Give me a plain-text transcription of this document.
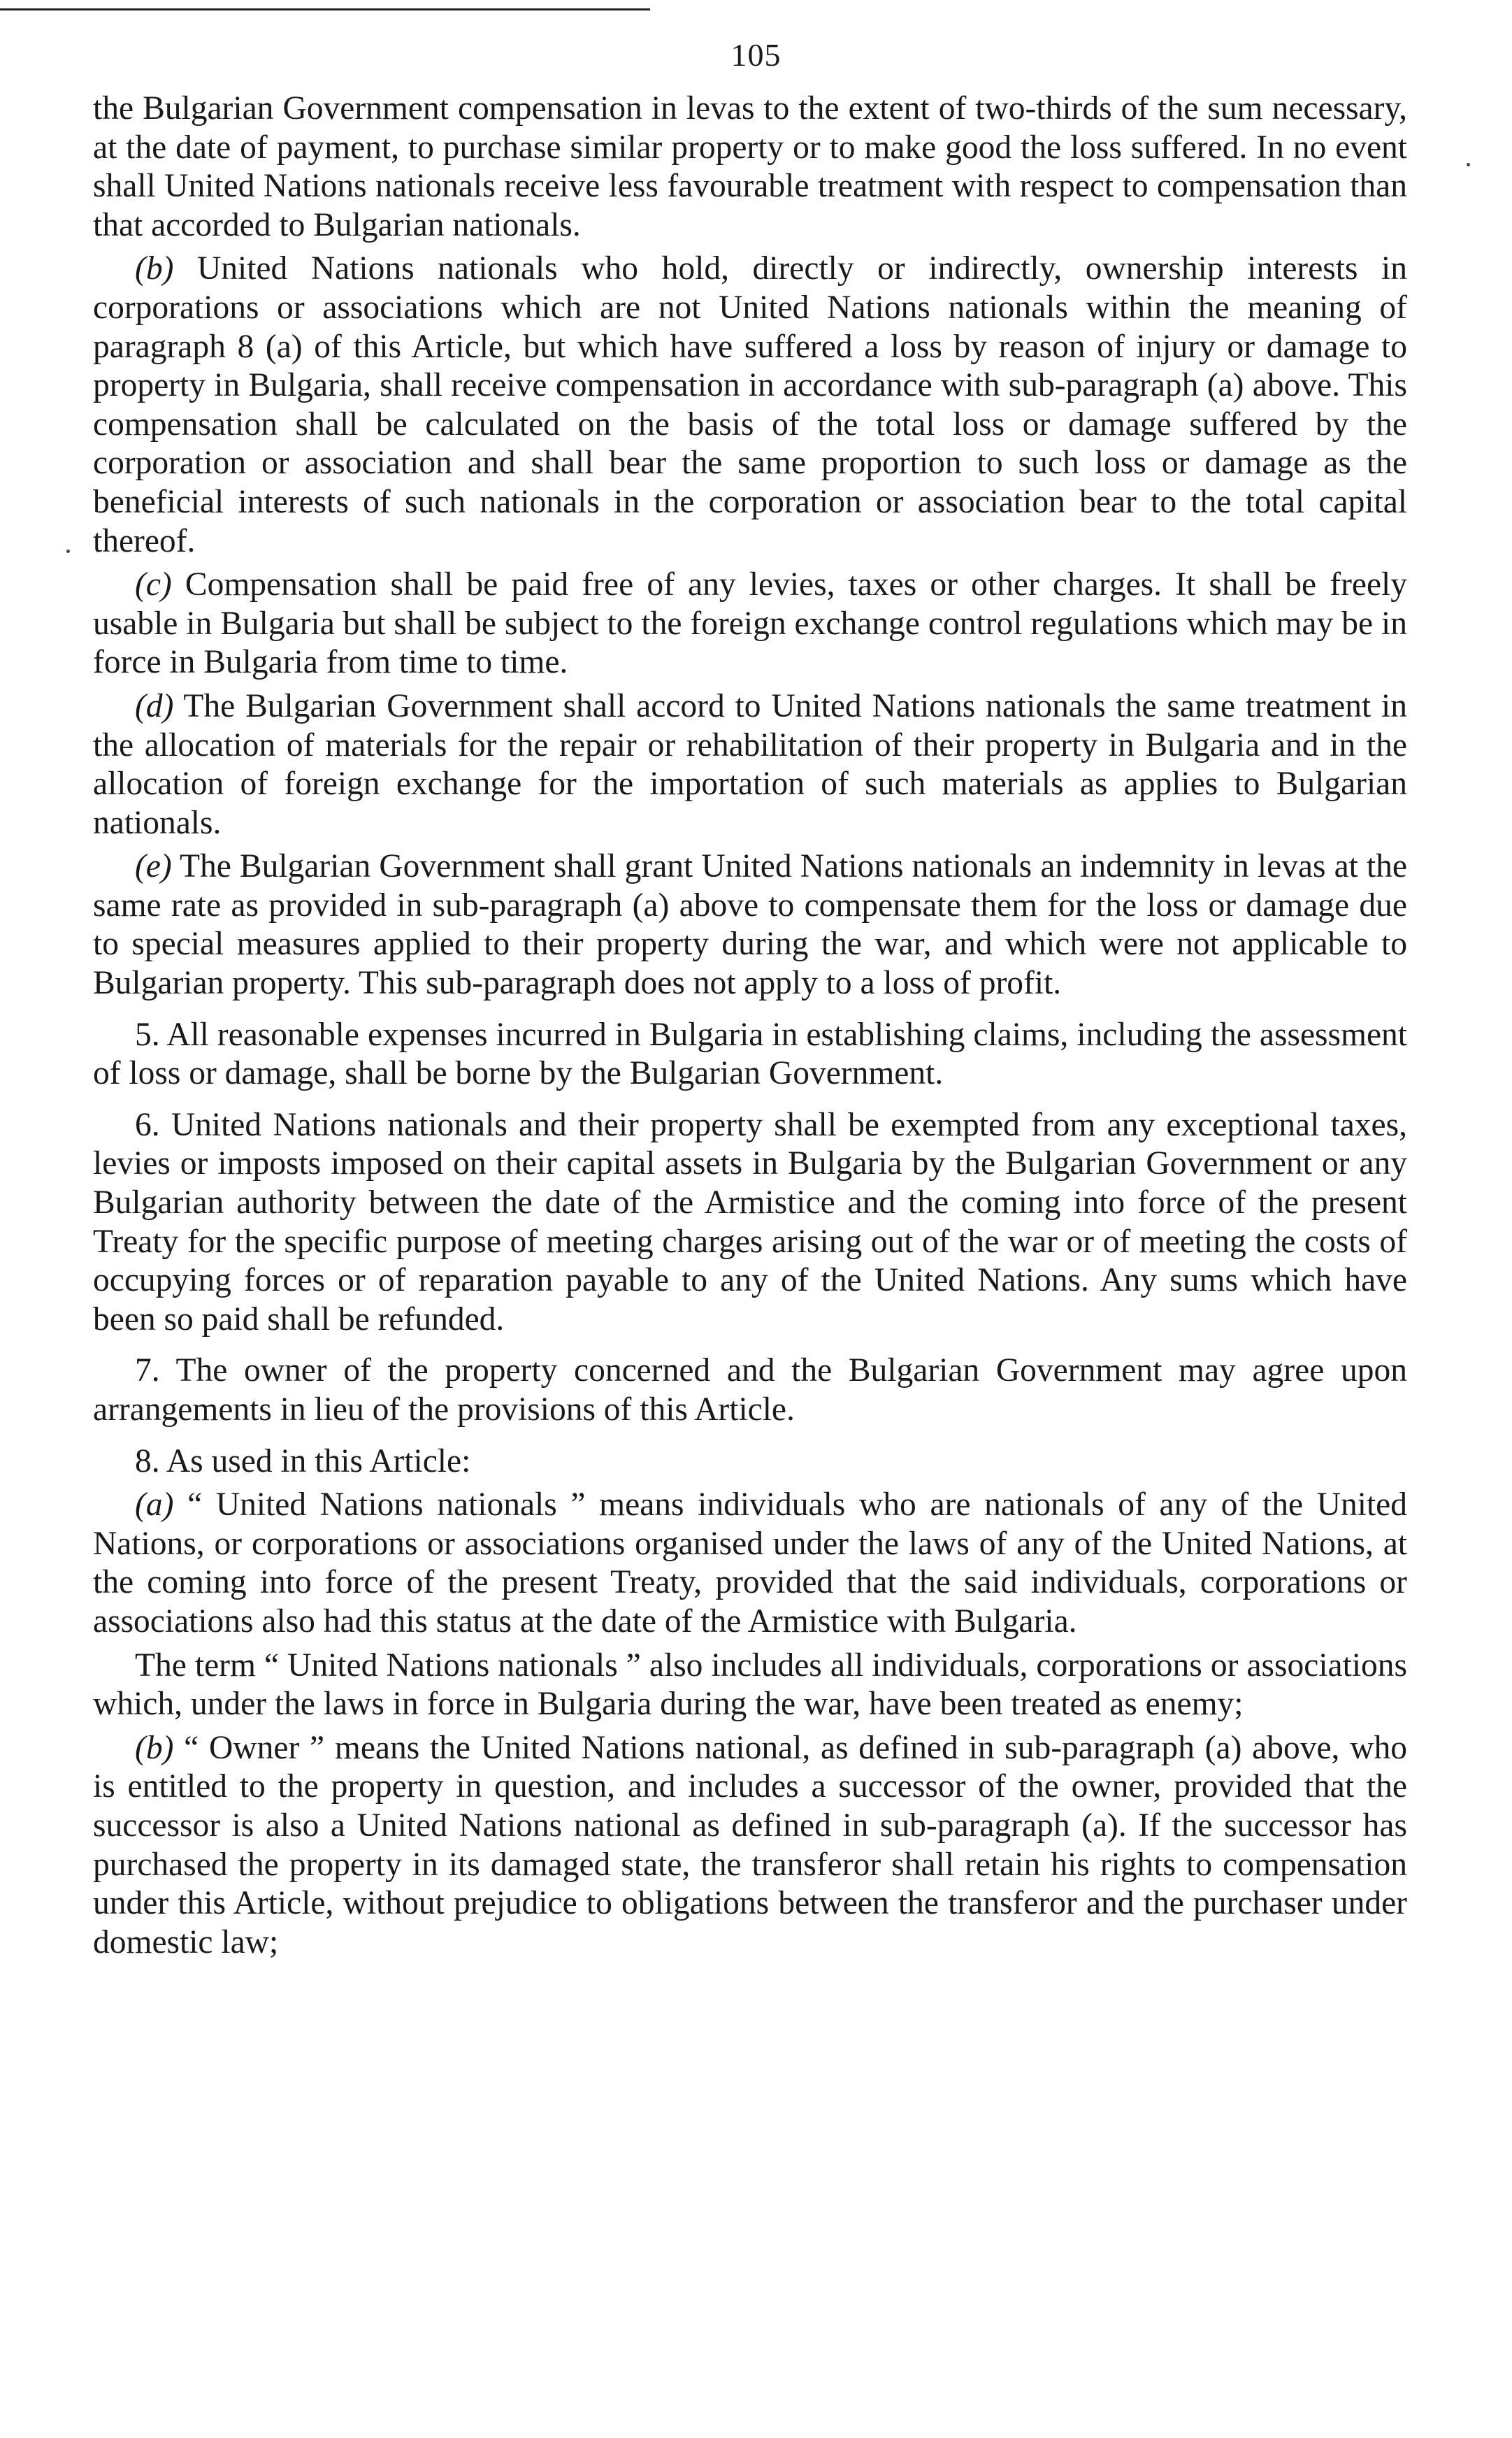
105

the Bulgarian Government compensation in levas to the extent of two-thirds of the sum necessary, at the date of payment, to purchase similar property or to make good the loss suffered. In no event shall United Nations nationals receive less favourable treatment with respect to compensation than that accorded to Bulgarian nationals.

(b) United Nations nationals who hold, directly or indirectly, ownership interests in corporations or associations which are not United Nations nationals within the meaning of paragraph 8 (a) of this Article, but which have suffered a loss by reason of injury or damage to property in Bulgaria, shall receive compensation in accordance with sub-paragraph (a) above. This compensation shall be calculated on the basis of the total loss or damage suffered by the corporation or association and shall bear the same proportion to such loss or damage as the beneficial interests of such nationals in the corporation or association bear to the total capital thereof.

(c) Compensation shall be paid free of any levies, taxes or other charges. It shall be freely usable in Bulgaria but shall be subject to the foreign exchange control regulations which may be in force in Bulgaria from time to time.

(d) The Bulgarian Government shall accord to United Nations nationals the same treatment in the allocation of materials for the repair or rehabilitation of their property in Bulgaria and in the allocation of foreign exchange for the importation of such materials as applies to Bulgarian nationals.

(e) The Bulgarian Government shall grant United Nations nationals an indemnity in levas at the same rate as provided in sub-paragraph (a) above to compensate them for the loss or damage due to special measures applied to their property during the war, and which were not applicable to Bulgarian property. This sub-paragraph does not apply to a loss of profit.

5. All reasonable expenses incurred in Bulgaria in establishing claims, including the assessment of loss or damage, shall be borne by the Bulgarian Government.

6. United Nations nationals and their property shall be exempted from any exceptional taxes, levies or imposts imposed on their capital assets in Bulgaria by the Bulgarian Government or any Bulgarian authority between the date of the Armistice and the coming into force of the present Treaty for the specific purpose of meeting charges arising out of the war or of meeting the costs of occupying forces or of reparation payable to any of the United Nations. Any sums which have been so paid shall be refunded.

7. The owner of the property concerned and the Bulgarian Government may agree upon arrangements in lieu of the provisions of this Article.

8. As used in this Article:

(a) “ United Nations nationals ” means individuals who are nationals of any of the United Nations, or corporations or associations organised under the laws of any of the United Nations, at the coming into force of the present Treaty, provided that the said individuals, corporations or associations also had this status at the date of the Armistice with Bulgaria.

The term “ United Nations nationals ” also includes all individuals, corporations or associations which, under the laws in force in Bulgaria during the war, have been treated as enemy;

(b) “ Owner ” means the United Nations national, as defined in sub-paragraph (a) above, who is entitled to the property in question, and includes a successor of the owner, provided that the successor is also a United Nations national as defined in sub-paragraph (a). If the successor has purchased the property in its damaged state, the transferor shall retain his rights to compensation under this Article, without prejudice to obligations between the transferor and the purchaser under domestic law;
